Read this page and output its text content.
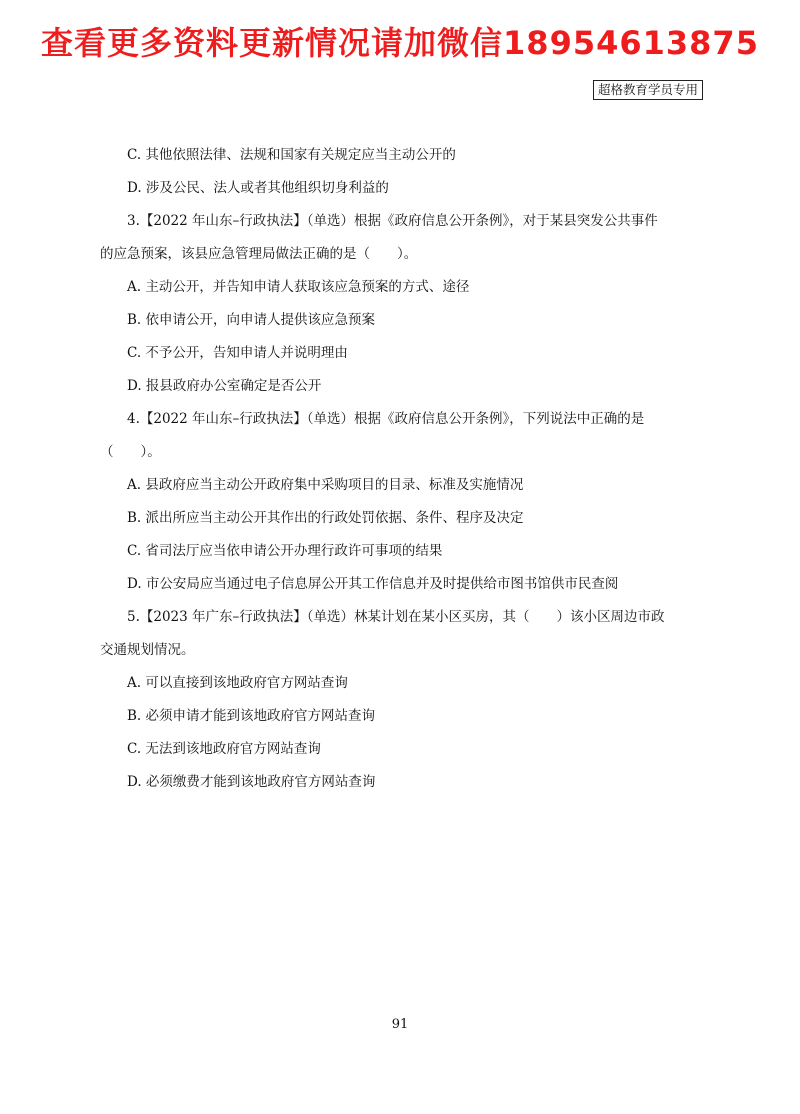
查看更多资料更新情况请加微信18954613875
超格教育学员专用
C. 其他依照法律、法规和国家有关规定应当主动公开的
D. 涉及公民、法人或者其他组织切身利益的
3.【2022 年山东–行政执法】（单选）根据《政府信息公开条例》，对于某县突发公共事件
的应急预案，该县应急管理局做法正确的是（　　）。
A. 主动公开，并告知申请人获取该应急预案的方式、途径
B. 依申请公开，向申请人提供该应急预案
C. 不予公开，告知申请人并说明理由
D. 报县政府办公室确定是否公开
4.【2022 年山东–行政执法】（单选）根据《政府信息公开条例》，下列说法中正确的是
（　　）。
A. 县政府应当主动公开政府集中采购项目的目录、标准及实施情况
B. 派出所应当主动公开其作出的行政处罚依据、条件、程序及决定
C. 省司法厅应当依申请公开办理行政许可事项的结果
D. 市公安局应当通过电子信息屏公开其工作信息并及时提供给市图书馆供市民查阅
5.【2023 年广东–行政执法】（单选）林某计划在某小区买房，其（　　）该小区周边市政
交通规划情况。
A. 可以直接到该地政府官方网站查询
B. 必须申请才能到该地政府官方网站查询
C. 无法到该地政府官方网站查询
D. 必须缴费才能到该地政府官方网站查询
91
